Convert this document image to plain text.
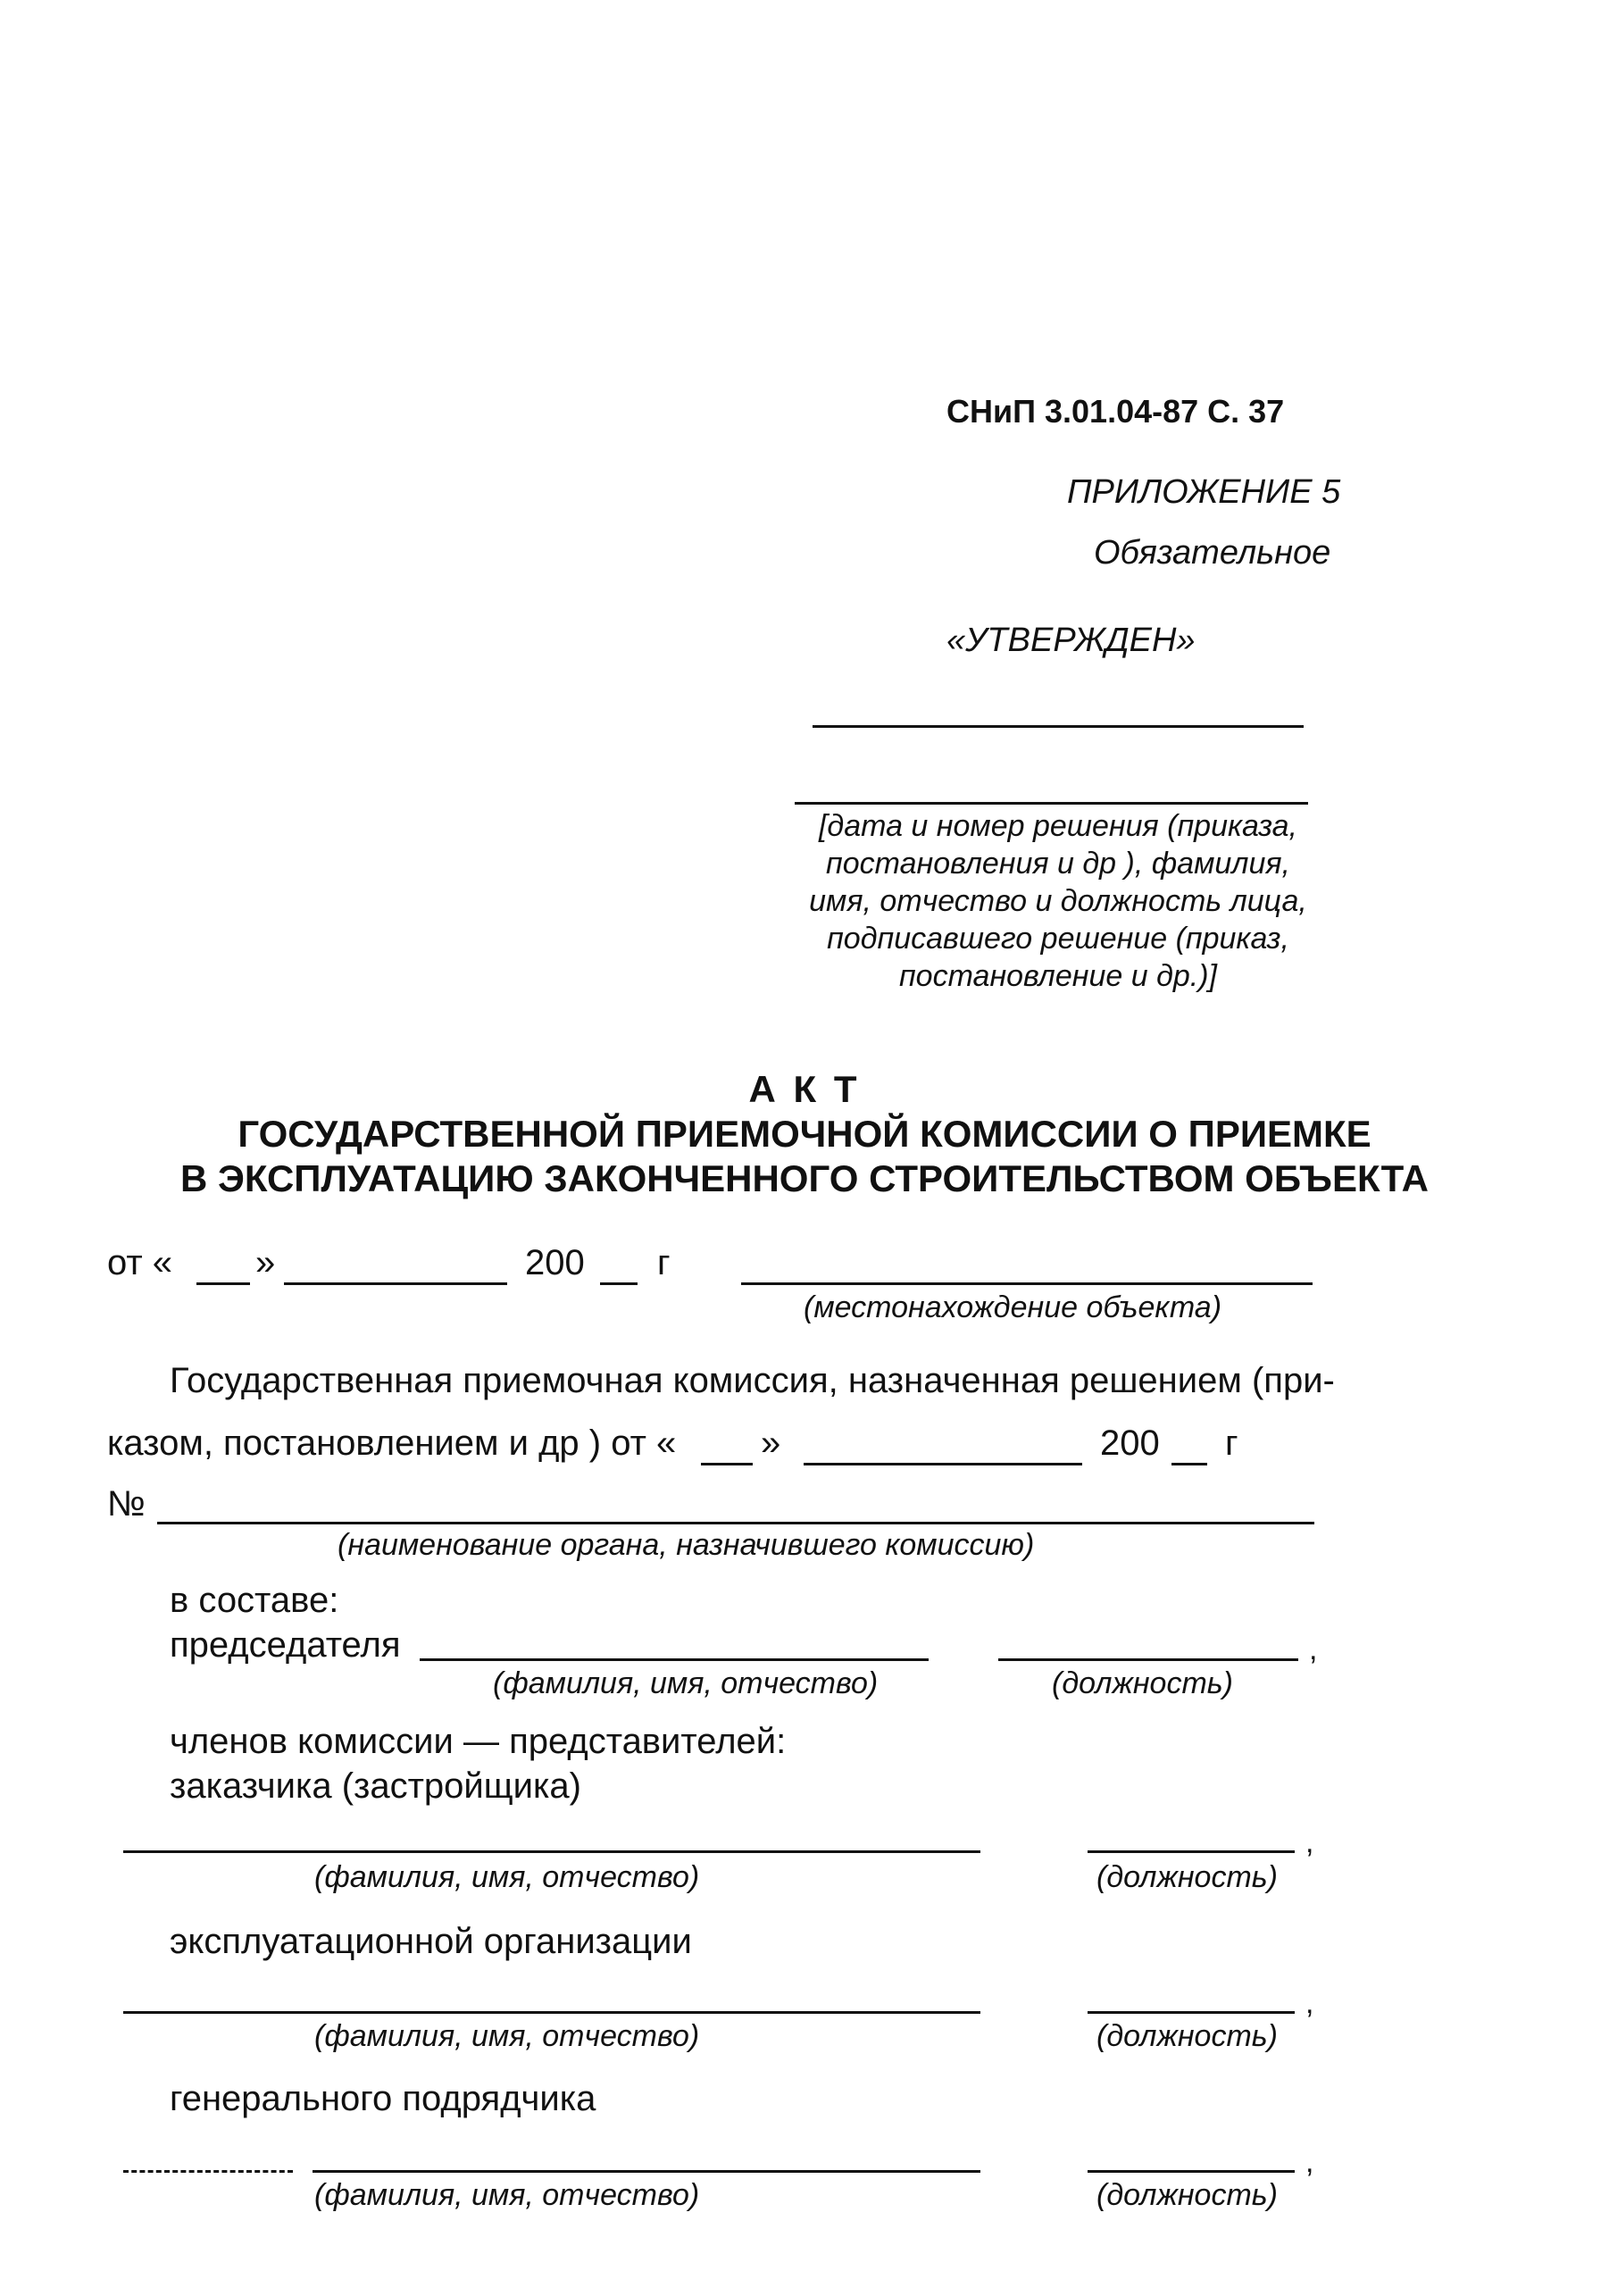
СНиП 3.01.04-87 С. 37
ПРИЛОЖЕНИЕ 5
Обязательное
«УТВЕРЖДЕН»
[дата и номер решения (приказа,
постановления и др ), фамилия,
имя, отчество и должность лица,
подписавшего решение (приказ,
постановление и др.)]
А К Т
ГОСУДАРСТВЕННОЙ ПРИЕМОЧНОЙ КОМИССИИ О ПРИЕМКЕ
В ЭКСПЛУАТАЦИЮ ЗАКОНЧЕННОГО СТРОИТЕЛЬСТВОМ ОБЪЕКТА
от « »	200 г
(местонахождение объекта)
Государственная приемочная комиссия, назначенная решением (при-
казом, постановлением и др ) от « »	200 г
№
(наименование органа, назначившего комиссию)
в составе:
председателя	,
(фамилия, имя, отчество)	(должность)
членов комиссии — представителей:
заказчика (застройщика)
,
(фамилия, имя, отчество)	(должность)
эксплуатационной организации
,
(фамилия, имя, отчество)	(должность)
генерального подрядчика
,
(фамилия, имя, отчество)	(должность)
